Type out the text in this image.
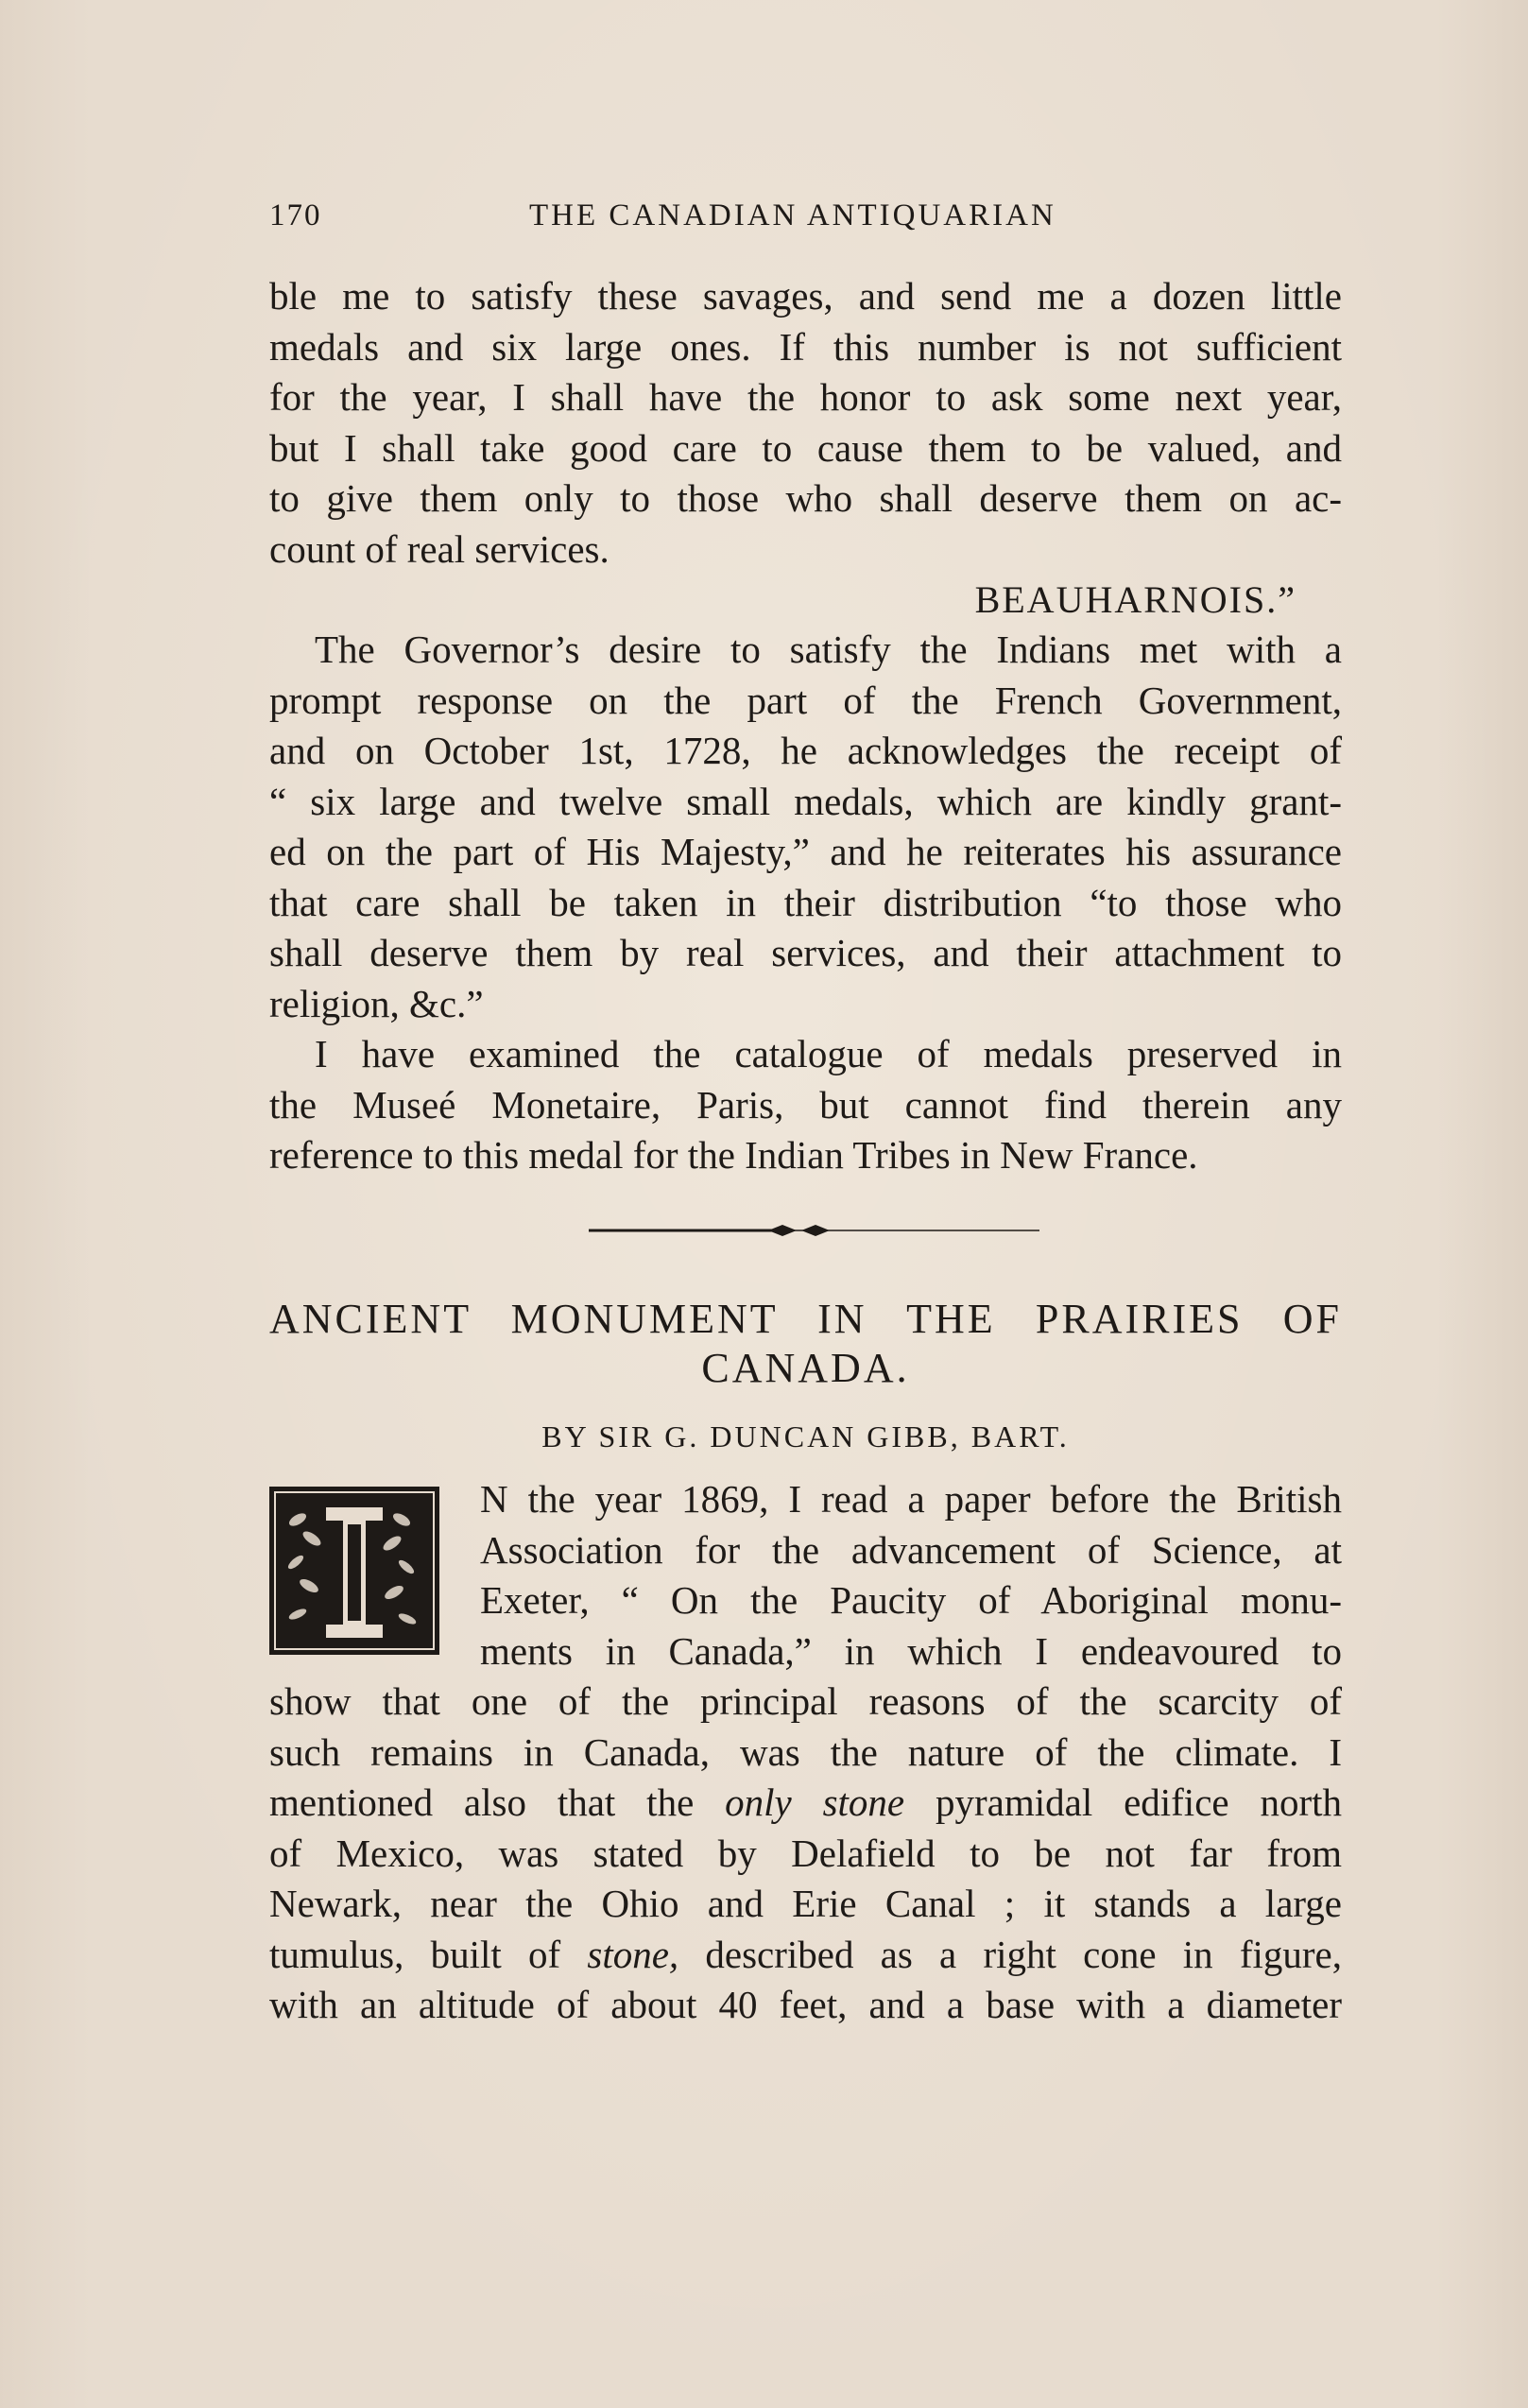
170	THE CANADIAN ANTIQUARIAN
ble me to satisfy these savages, and send me a dozen little
medals and six large ones. If this number is not sufficient
for the year, I shall have the honor to ask some next year,
but I shall take good care to cause them to be valued, and
to give them only to those who shall deserve them on ac-
count of real services.
BEAUHARNOIS.”
The Governor’s desire to satisfy the Indians met with a
prompt response on the part of the French Government,
and on October 1st, 1728, he acknowledges the receipt of
“ six large and twelve small medals, which are kindly grant-
ed on the part of His Majesty,” and he reiterates his assurance
that care shall be taken in their distribution “to those who
shall deserve them by real services, and their attachment to
religion, &c.”
I have examined the catalogue of medals preserved in
the Museé Monetaire, Paris, but cannot find therein any
reference to this medal for the Indian Tribes in New France.
ANCIENT MONUMENT IN THE PRAIRIES OF
CANADA.
BY SIR G. DUNCAN GIBB, BART.
N the year 1869, I read a paper before the British
Association for the advancement of Science, at
Exeter, “ On the Paucity of Aboriginal monu-
ments in Canada,” in which I endeavoured to
show that one of the principal reasons of the scarcity of
such remains in Canada, was the nature of the climate. I
mentioned also that the only stone pyramidal edifice north
of Mexico, was stated by Delafield to be not far from
Newark, near the Ohio and Erie Canal ; it stands a large
tumulus, built of stone, described as a right cone in figure,
with an altitude of about 40 feet, and a base with a diameter
